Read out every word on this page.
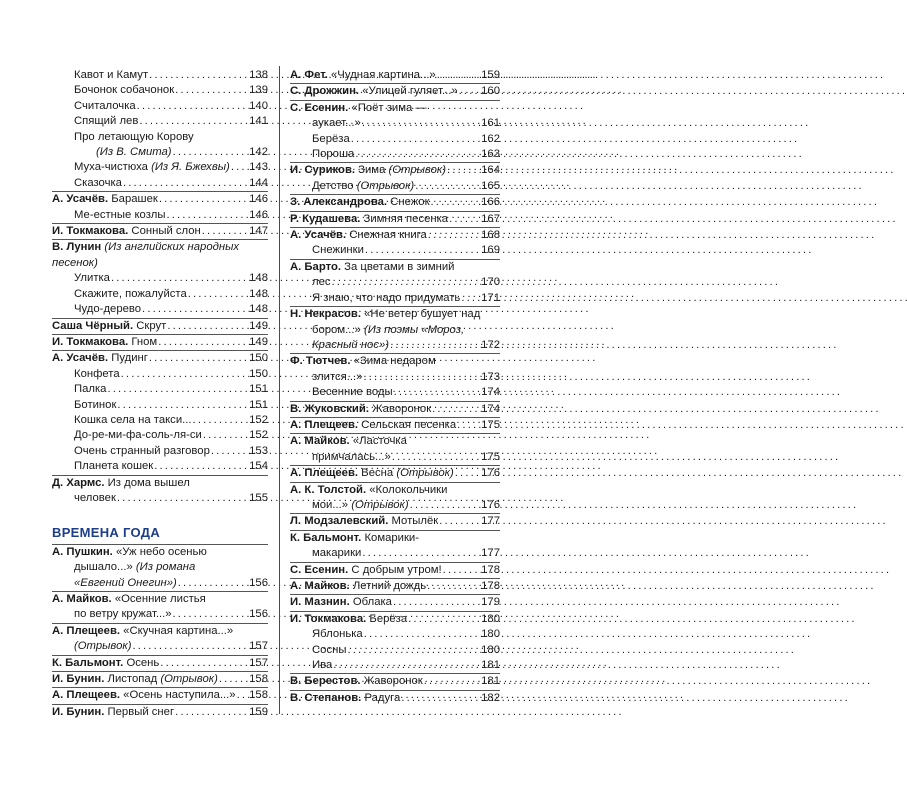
Кавот и Камут . . .	138
Бочонок собачонок . . .	139
Считалочка . . .	140
Спящий лев . . .	141
Про летающую Корову
(Из В. Смита) . . .	142
Муха-чистюха (Из Я. Бжехвы) . . . 143
Сказочка . . .	144
А. Усачёв. Барашек . . .	146
Ме-естные козлы . . .	146
И. Токмакова. Сонный слон . . .	147
В. Лунин (Из английских народных
песенок)
Улитка . . .	148
Скажите, пожалуйста . . .	148
Чудо-дерево . . .	148
Саша Чёрный. Скрут . . .	149
И. Токмакова. Гном . . .	149
А. Усачёв. Пудинг . . .	150
Конфета . . .	150
Палка . . .	151
Ботинок . . .	151
Кошка села на такси... . . .	152
До-ре-ми-фа-соль-ля-си . . .	152
Очень странный разговор . . .	153
Планета кошек . . .	154
Д. Хармс. Из дома вышел
человек . . .	155
ВРЕМЕНА ГОДА
А. Пушкин. «Уж небо осенью
дышало...» (Из романа
«Евгений Онегин») . . .	156
А. Майков. «Осенние листья
по ветру кружат...» . . .	156
А. Плещеев. «Скучная картина...»
(Отрывок) . . .	157
К. Бальмонт. Осень . . .	157
И. Бунин. Листопад (Отрывок) . . .	158
А. Плещеев. «Осень наступила...» . . . 158
И. Бунин. Первый снег . . .	159
А. Фет. «Чудная картина...» . . .	159
С. Дрожжин. «Улицей гуляет...» . . . 160
С. Есенин. «Поёт зима —
аукает...» . . .	161
Берёза . . .	162
Пороша . . .	163
И. Суриков. Зима (Отрывок) . . .	164
Детство (Отрывок) . . .	165
З. Александрова. Снежок . . .	166
Р. Кудашева. Зимняя песенка . . .	167
А. Усачёв. Снежная книга . . .	168
Снежинки . . .	169
А. Барто. За цветами в зимний
лес . . .	170
Я знаю, что надо придумать . . . 171
Н. Некрасов. «Не ветер бушует над
бором...» (Из поэмы «Мороз,
Красный нос») . . .	172
Ф. Тютчев. «Зима недаром
злится...» . . .	173
Весенние воды . . .	174
В. Жуковский. Жаворонок . . .	174
А. Плещеев. Сельская песенка . . . 175
А. Майков. «Ласточка
примчалась...» . . .	175
А. Плещеев. Весна (Отрывок) . . . 176
А. К. Толстой. «Колокольчики
мои...» (Отрывок) . . .	176
Л. Модзалевский. Мотылёк . . .	177
К. Бальмонт. Комарики-
макарики . . .	177
С. Есенин. С добрым утром! . . .	178
А. Майков. Летний дождь . . .	178
И. Мазнин. Облака . . .	179
И. Токмакова. Берёза . . .	180
Яблонька . . .	180
Сосны . . .	180
Ива . . .	181
В. Берестов. Жаворонок . . .	181
В. Степанов. Радуга . . .	182
